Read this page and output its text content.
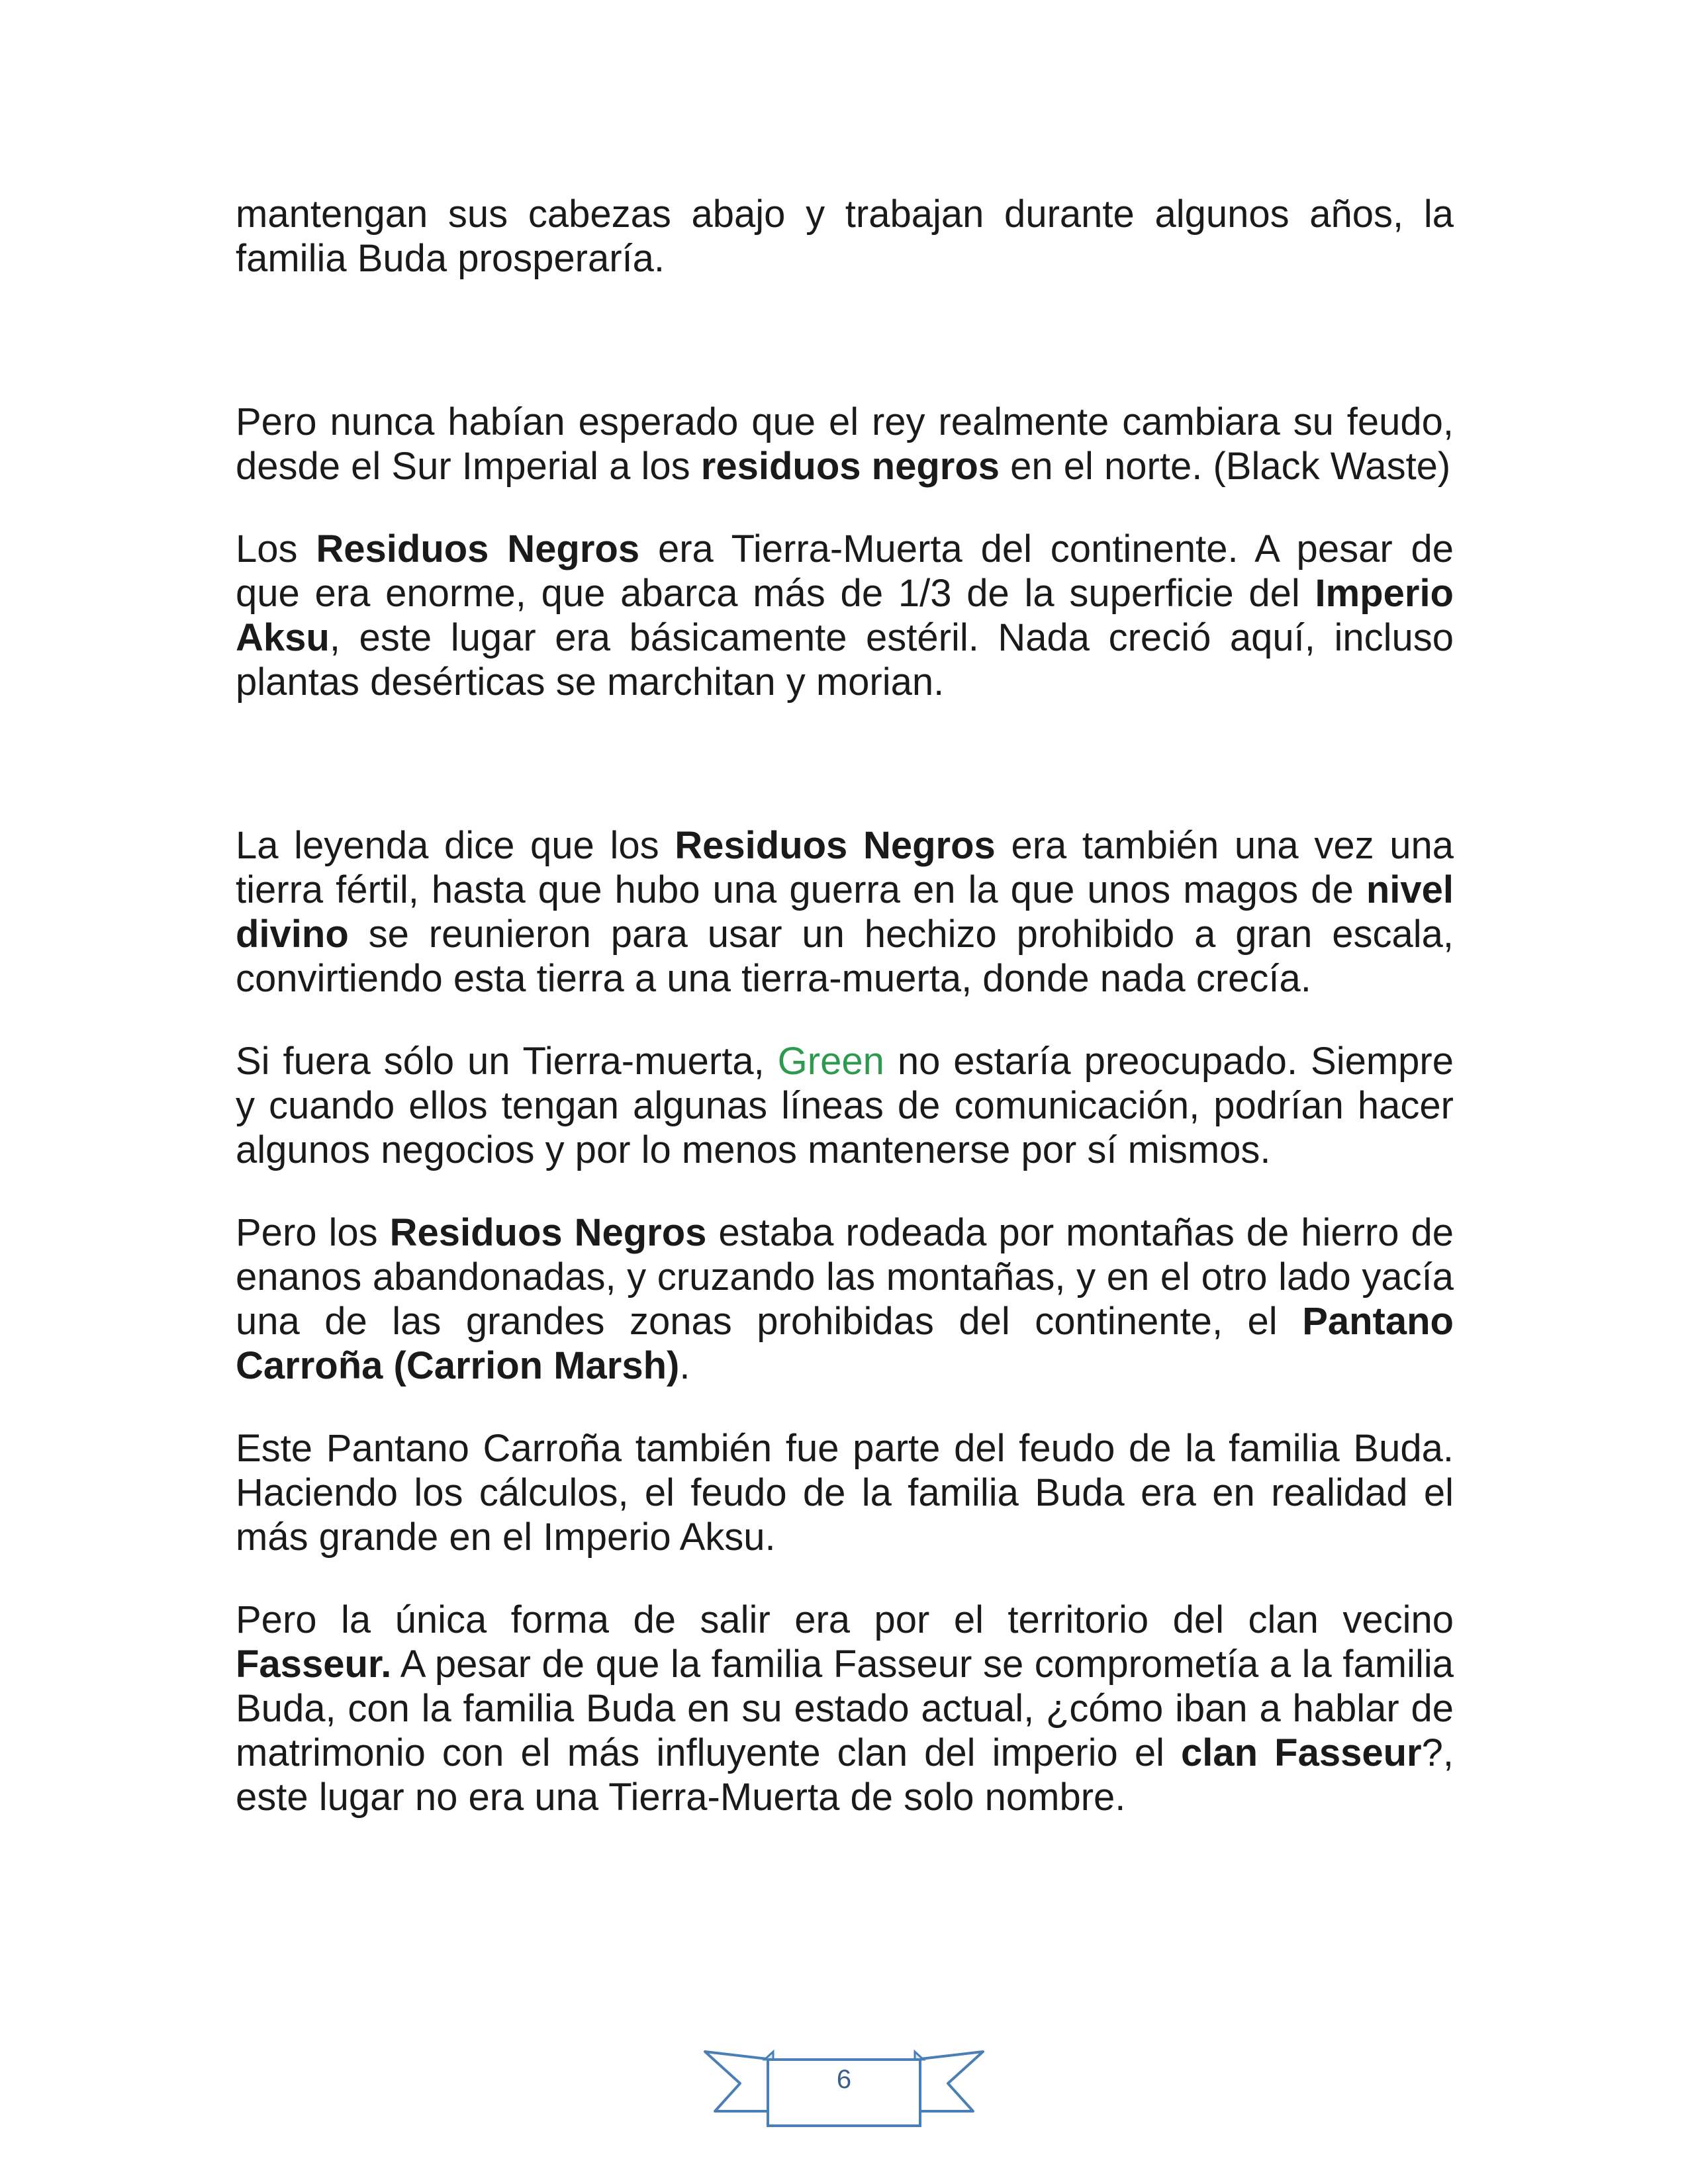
mantengan sus cabezas abajo y trabajan durante algunos años, la familia Buda prosperaría.

Pero nunca habían esperado que el rey realmente cambiara su feudo, desde el Sur Imperial a los residuos negros en el norte. (Black Waste)

Los Residuos Negros era Tierra-Muerta del continente. A pesar de que era enorme, que abarca más de 1/3 de la superficie del Imperio Aksu, este lugar era básicamente estéril. Nada creció aquí, incluso plantas desérticas se marchitan y morian.

La leyenda dice que los Residuos Negros era también una vez una tierra fértil, hasta que hubo una guerra en la que unos magos de nivel divino se reunieron para usar un hechizo prohibido a gran escala, convirtiendo esta tierra a una tierra-muerta, donde nada crecía.

Si fuera sólo un Tierra-muerta, Green no estaría preocupado. Siempre y cuando ellos tengan algunas líneas de comunicación, podrían hacer algunos negocios y por lo menos mantenerse por sí mismos.

Pero los Residuos Negros estaba rodeada por montañas de hierro de enanos abandonadas, y cruzando las montañas, y en el otro lado yacía una de las grandes zonas prohibidas del continente, el Pantano Carroña (Carrion Marsh).

Este Pantano Carroña también fue parte del feudo de la familia Buda. Haciendo los cálculos, el feudo de la familia Buda era en realidad el más grande en el Imperio Aksu.

Pero la única forma de salir era por el territorio del clan vecino Fasseur. A pesar de que la familia Fasseur se comprometía a la familia Buda, con la familia Buda en su estado actual, ¿cómo iban a hablar de matrimonio con el más influyente clan del imperio el clan Fasseur?, este lugar no era una Tierra-Muerta de solo nombre.

6
